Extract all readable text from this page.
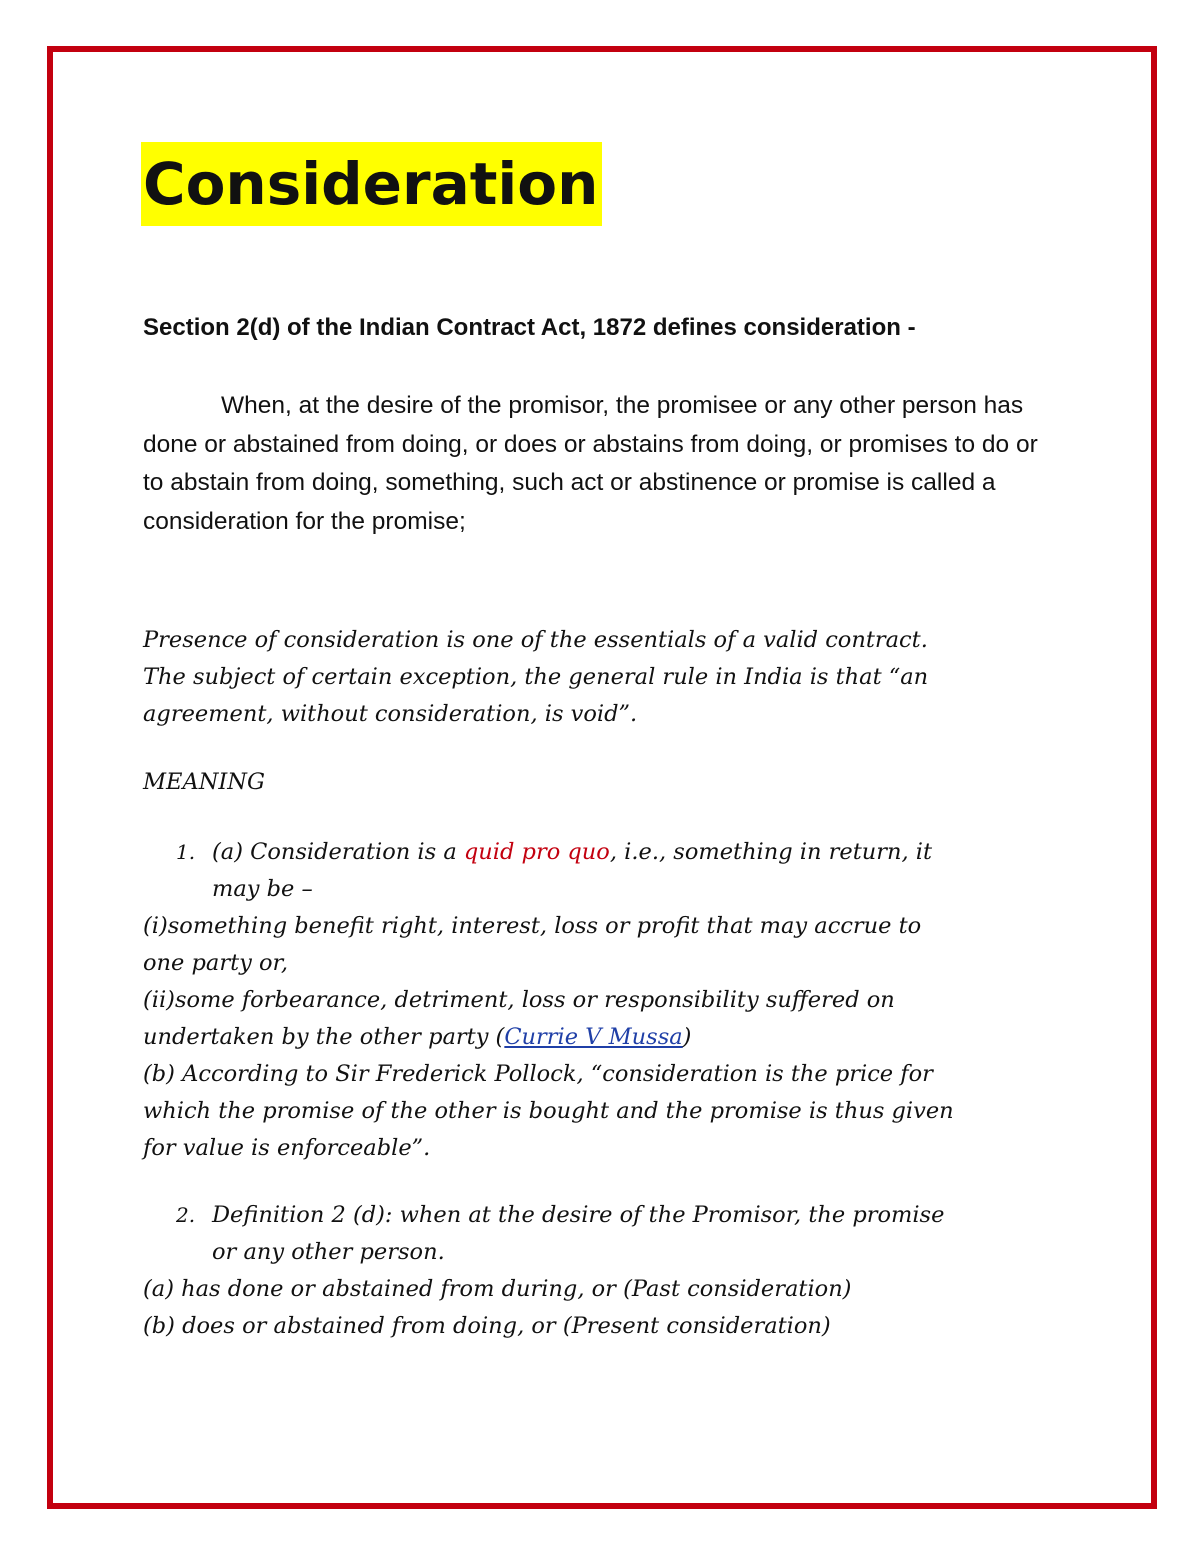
Consideration
Section 2(d) of the Indian Contract Act, 1872 defines consideration -
When, at the desire of the promisor, the promisee or any other person has done or abstained from doing, or does or abstains from doing, or promises to do or to abstain from doing, something, such act or abstinence or promise is called a consideration for the promise;
Presence of consideration is one of the essentials of a valid contract.
The subject of certain exception, the general rule in India is that “an
agreement, without consideration, is void”.
MEANING
1. (a) Consideration is a quid pro quo, i.e., something in return, it
may be –
(i)something benefit right, interest, loss or profit that may accrue to
one party or,
(ii)some forbearance, detriment, loss or responsibility suffered on
undertaken by the other party (Currie V Mussa)
(b) According to Sir Frederick Pollock, “consideration is the price for
which the promise of the other is bought and the promise is thus given
for value is enforceable”.
2. Definition 2 (d): when at the desire of the Promisor, the promise
or any other person.
(a) has done or abstained from during, or (Past consideration)
(b) does or abstained from doing, or (Present consideration)
